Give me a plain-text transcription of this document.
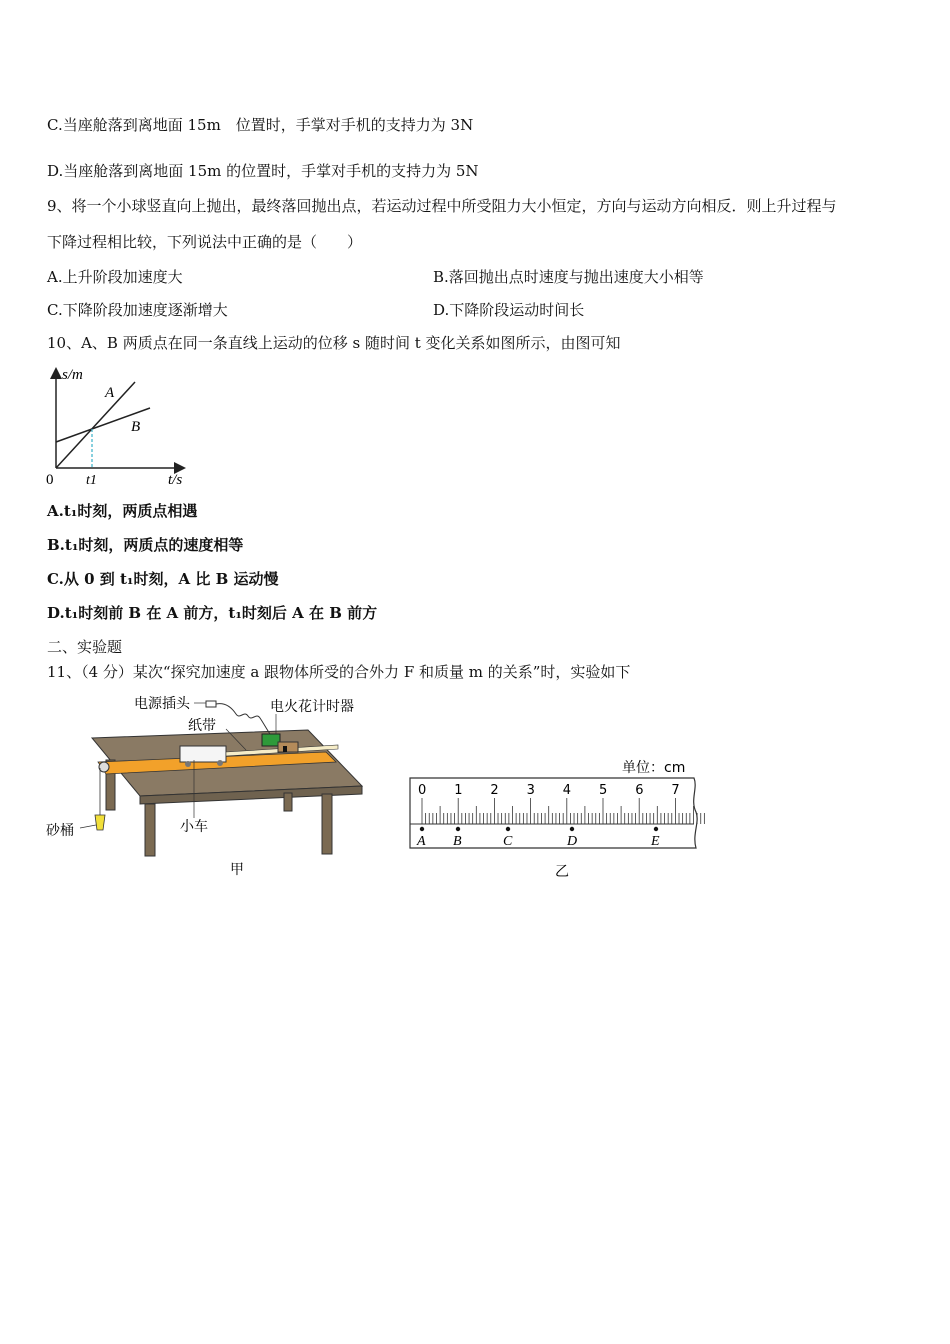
C.当座舱落到离地面 15m　位置时，手掌对手机的支持力为 3N
D.当座舱落到离地面 15m 的位置时，手掌对手机的支持力为 5N
9、将一个小球竖直向上抛出，最终落回抛出点，若运动过程中所受阻力大小恒定，方向与运动方向相反．则上升过程与
下降过程相比较，下列说法中正确的是（　　）
A.上升阶段加速度大	B.落回抛出点时速度与抛出速度大小相等
C.下降阶段加速度逐渐增大	D.下降阶段运动时间长
10、A、B 两质点在同一条直线上运动的位移 s 随时间 t 变化关系如图所示，由图可知
s/m
t/s
0 t1
A
B
A.t₁时刻，两质点相遇
B.t₁时刻，两质点的速度相等
C.从 0 到 t₁时刻，A 比 B 运动慢
D.t₁时刻前 B 在 A 前方，t₁时刻后 A 在 B 前方
二、实验题
11、（4 分）某次“探究加速度 a 跟物体所受的合外力 F 和质量 m 的关系”时，实验如下
电源插头	电火花计时器
纸带
小车
砂桶
甲
单位：cm
0 1 2 3 4 5 6 7
A B	C	D	E
乙
